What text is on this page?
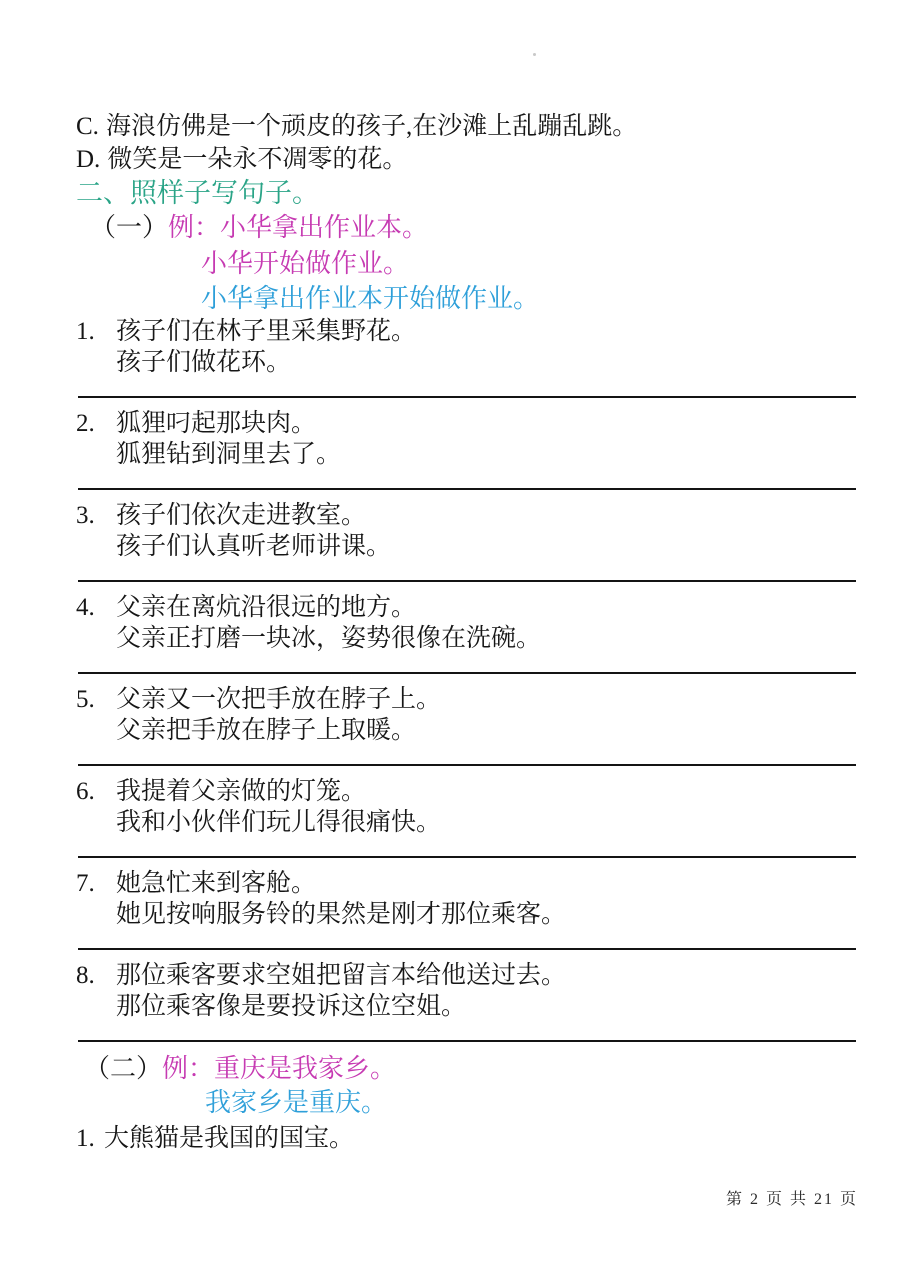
C. 海浪仿佛是一个顽皮的孩子,在沙滩上乱蹦乱跳。
D. 微笑是一朵永不凋零的花。
二、照样子写句子。
（一）例：小华拿出作业本。
小华开始做作业。
小华拿出作业本开始做作业。
1. 孩子们在林子里采集野花。
孩子们做花环。
2. 狐狸叼起那块肉。
狐狸钻到洞里去了。
3. 孩子们依次走进教室。
孩子们认真听老师讲课。
4. 父亲在离炕沿很远的地方。
父亲正打磨一块冰，姿势很像在洗碗。
5. 父亲又一次把手放在脖子上。
父亲把手放在脖子上取暖。
6. 我提着父亲做的灯笼。
我和小伙伴们玩儿得很痛快。
7. 她急忙来到客舱。
她见按响服务铃的果然是刚才那位乘客。
8. 那位乘客要求空姐把留言本给他送过去。
那位乘客像是要投诉这位空姐。
（二）例：重庆是我家乡。
我家乡是重庆。
1. 大熊猫是我国的国宝。
第 2 页 共 21 页
